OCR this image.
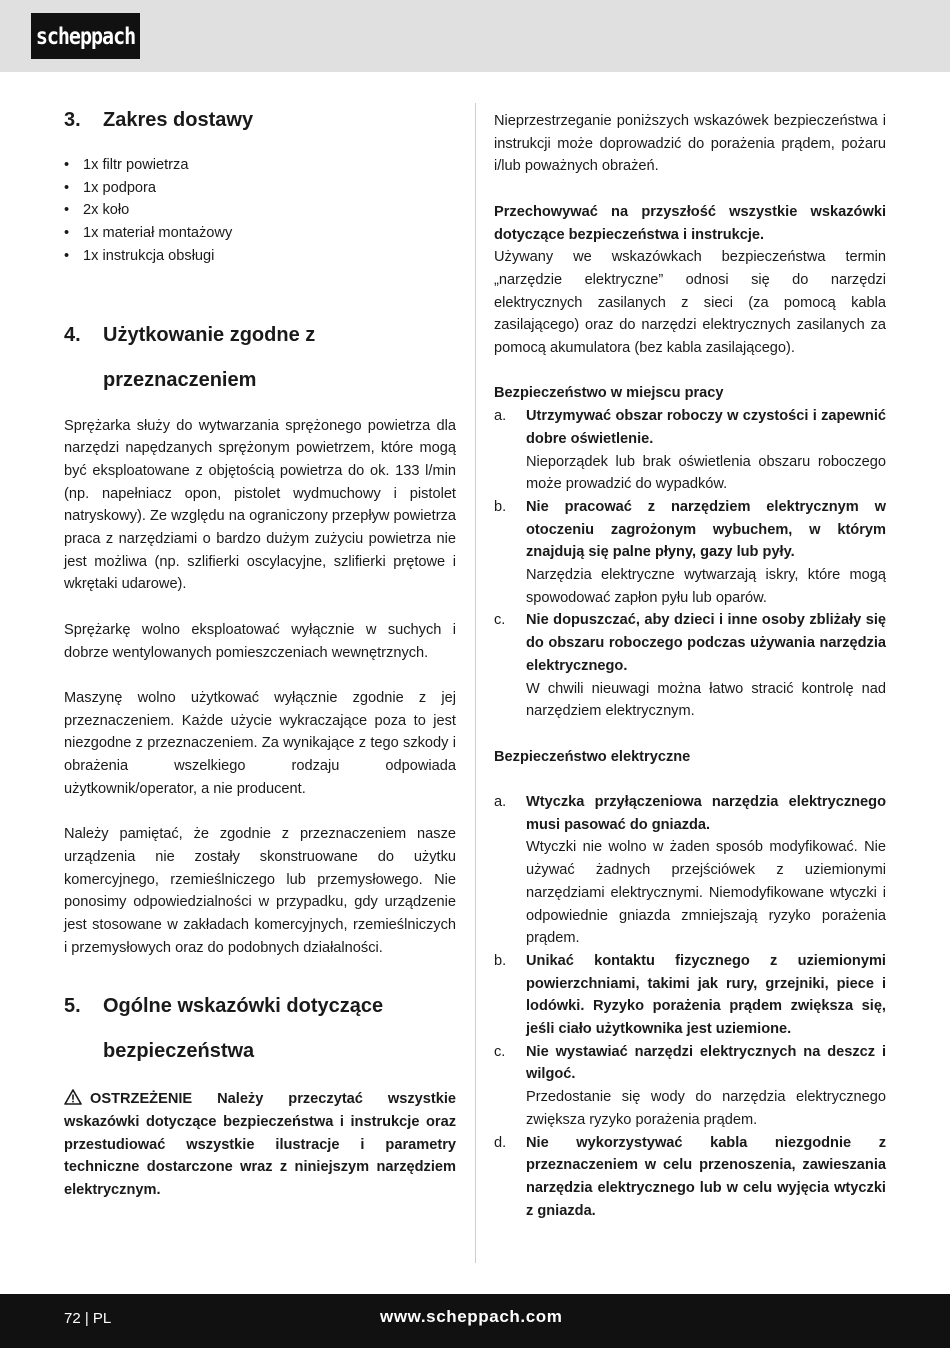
scheppach
3. Zakres dostawy
• 1x filtr powietrza
• 1x podpora
• 2x koło
• 1x materiał montażowy
• 1x instrukcja obsługi
4. Użytkowanie zgodne z
przeznaczeniem

Sprężarka służy do wytwarzania sprężonego powietrza dla narzędzi napędzanych sprężonym powietrzem, które mogą być eksploatowane z objętością powietrza do ok. 133 l/min (np. napełniacz opon, pistolet wydmuchowy i pistolet natryskowy). Ze względu na ograniczony przepływ powietrza praca z narzędziami o bardzo dużym zużyciu powietrza nie jest możliwa (np. szlifierki oscylacyjne, szlifierki prętowe i wkrętaki udarowe).

Sprężarkę wolno eksploatować wyłącznie w suchych i dobrze wentylowanych pomieszczeniach wewnętrznych.

Maszynę wolno użytkować wyłącznie zgodnie z jej przeznaczeniem. Każde użycie wykraczające poza to jest niezgodne z przeznaczeniem. Za wynikające z tego szkody i obrażenia wszelkiego rodzaju odpowiada użytkownik/operator, a nie producent.

Należy pamiętać, że zgodnie z przeznaczeniem nasze urządzenia nie zostały skonstruowane do użytku komercyjnego, rzemieślniczego lub przemysłowego. Nie ponosimy odpowiedzialności w przypadku, gdy urządzenie jest stosowane w zakładach komercyjnych, rzemieślniczych i przemysłowych oraz do podobnych działalności.

5. Ogólne wskazówki dotyczące
bezpieczeństwa

OSTRZEŻENIE Należy przeczytać wszystkie wskazówki dotyczące bezpieczeństwa i instrukcje oraz przestudiować wszystkie ilustracje i parametry techniczne dostarczone wraz z niniejszym narzędziem elektrycznym.

Nieprzestrzeganie poniższych wskazówek bezpieczeństwa i instrukcji może doprowadzić do porażenia prądem, pożaru i/lub poważnych obrażeń.

Przechowywać na przyszłość wszystkie wskazówki dotyczące bezpieczeństwa i instrukcje.

Używany we wskazówkach bezpieczeństwa termin „narzędzie elektryczne” odnosi się do narzędzi elektrycznych zasilanych z sieci (za pomocą kabla zasilającego) oraz do narzędzi elektrycznych zasilanych za pomocą akumulatora (bez kabla zasilającego).

Bezpieczeństwo w miejscu pracy

a. Utrzymywać obszar roboczy w czystości i zapewnić dobre oświetlenie.

Nieporządek lub brak oświetlenia obszaru roboczego może prowadzić do wypadków.

b. Nie pracować z narzędziem elektrycznym w otoczeniu zagrożonym wybuchem, w którym znajdują się palne płyny, gazy lub pyły.

Narzędzia elektryczne wytwarzają iskry, które mogą spowodować zapłon pyłu lub oparów.

c. Nie dopuszczać, aby dzieci i inne osoby zbliżały się do obszaru roboczego podczas używania narzędzia elektrycznego.

W chwili nieuwagi można łatwo stracić kontrolę nad narzędziem elektrycznym.

Bezpieczeństwo elektryczne

a. Wtyczka przyłączeniowa narzędzia elektrycznego musi pasować do gniazda.

Wtyczki nie wolno w żaden sposób modyfikować. Nie używać żadnych przejściówek z uziemionymi narzędziami elektrycznymi. Niemodyfikowane wtyczki i odpowiednie gniazda zmniejszają ryzyko porażenia prądem.

b. Unikać kontaktu fizycznego z uziemionymi powierzchniami, takimi jak rury, grzejniki, piece i lodówki. Ryzyko porażenia prądem zwiększa się, jeśli ciało użytkownika jest uziemione.

c. Nie wystawiać narzędzi elektrycznych na deszcz i wilgoć.

Przedostanie się wody do narzędzia elektrycznego zwiększa ryzyko porażenia prądem.

d. Nie wykorzystywać kabla niezgodnie z przeznaczeniem w celu przenoszenia, zawieszania narzędzia elektrycznego lub w celu wyjęcia wtyczki z gniazda.

72 | PL	www.scheppach.com
